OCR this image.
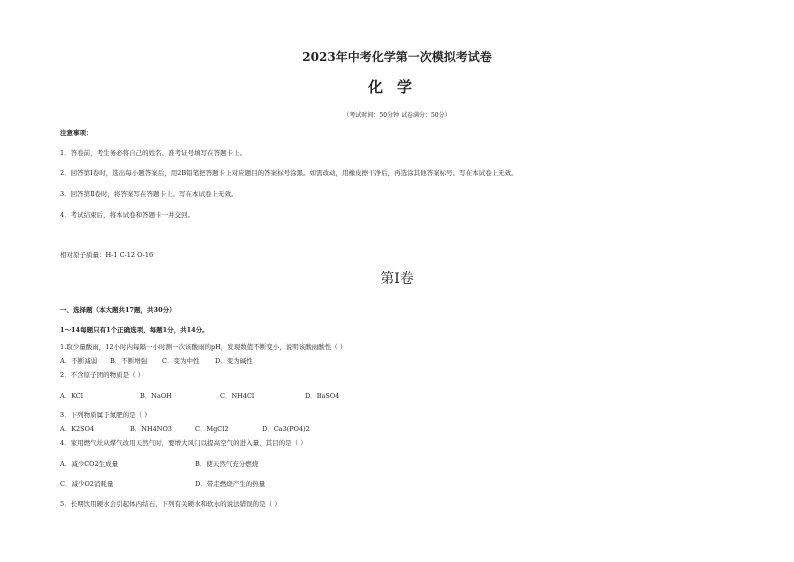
2023年中考化学第一次模拟考试卷
化学
（考试时间：50分钟 试卷满分：50分）
注意事项：
1．答卷前，考生务必将自己的姓名、准考证号填写在答题卡上。
2．回答第Ⅰ卷时，选出每小题答案后，用2B铅笔把答题卡上对应题目的答案标号涂黑。如需改动，用橡皮擦干净后，再选涂其他答案标号。写在本试卷上无效。
3．回答第Ⅱ卷时，将答案写在答题卡上。写在本试卷上无效。
4．考试结束后，将本试卷和答题卡一并交回。
相对原子质量：H-1 C-12 O-16
第Ⅰ卷
一、选择题（本大题共17题，共30分）
1～14每题只有1个正确选项，每题1分，共14分。
1.取少量酸雨，12小时内每隔一小时测一次该酸雨的pH，发现数值不断变小，说明该酸雨酸性（ ）
A．不断减弱 B．不断增强 C．变为中性 D．变为碱性
2．不含原子团的物质是（ ）
A．KCl	B．NaOH	C．NH4Cl	D．BaSO4
3．下列物质属于氮肥的是（ ）
A．K2SO4	B．NH4NO3	C．MgCl2	D．Ca3(PO4)2
4．家用燃气灶从煤气改用天然气时，要增大风门以提高空气的进入量，其目的是（ ）
A．减少CO2生成量	B．使天然气充分燃烧
C．减少O2消耗量	D．带走燃烧产生的热量
5．长期饮用硬水会引起体内结石，下列有关硬水和软水的说法错误的是（ ）
